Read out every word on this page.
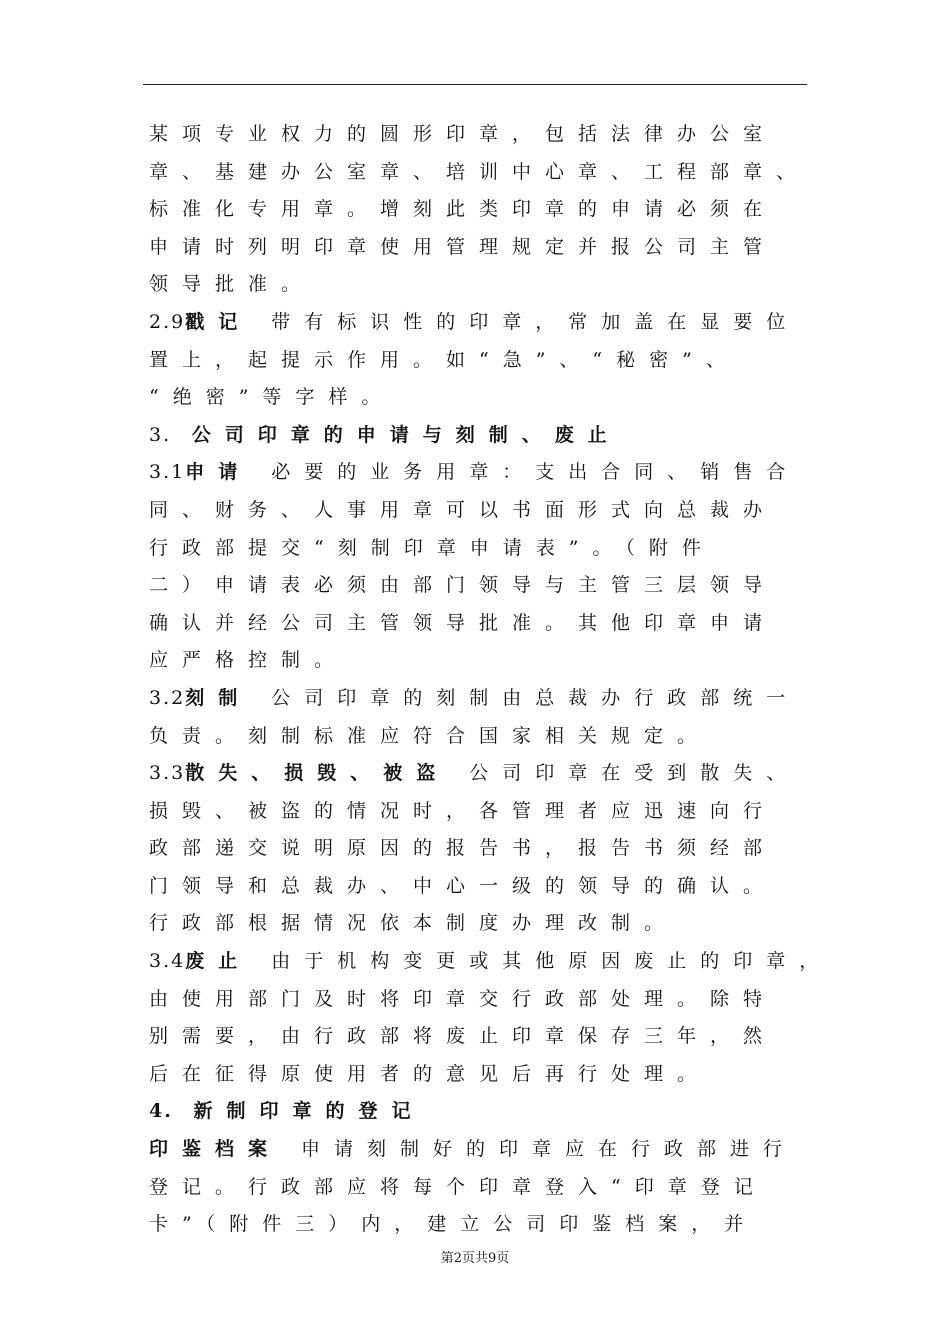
某项专业权力的圆形印章，包括法律办公室
章、基建办公室章、培训中心章、工程部章、
标准化专用章。增刻此类印章的申请必须在
申请时列明印章使用管理规定并报公司主管
领导批准。
2.9戳记 带有标识性的印章，常加盖在显要位
置上，起提示作用。如“急”、“秘密”、
“绝密”等字样。
3. 公司印章的申请与刻制、废止
3.1申请 必要的业务用章：支出合同、销售合
同、财务、人事用章可以书面形式向总裁办
行政部提交“刻制印章申请表”。（附件
二）申请表必须由部门领导与主管三层领导
确认并经公司主管领导批准。其他印章申请
应严格控制。
3.2刻制 公司印章的刻制由总裁办行政部统一
负责。刻制标准应符合国家相关规定。
3.3散失、损毁、被盗 公司印章在受到散失、
损毁、被盗的情况时，各管理者应迅速向行
政部递交说明原因的报告书，报告书须经部
门领导和总裁办、中心一级的领导的确认。
行政部根据情况依本制度办理改制。
3.4废止 由于机构变更或其他原因废止的印章，
由使用部门及时将印章交行政部处理。除特
别需要，由行政部将废止印章保存三年，然
后在征得原使用者的意见后再行处理。
4. 新制印章的登记
印鉴档案 申请刻制好的印章应在行政部进行
登记。行政部应将每个印章登入“印章登记
卡”（附件三）内，建立公司印鉴档案，并
第2页共9页
